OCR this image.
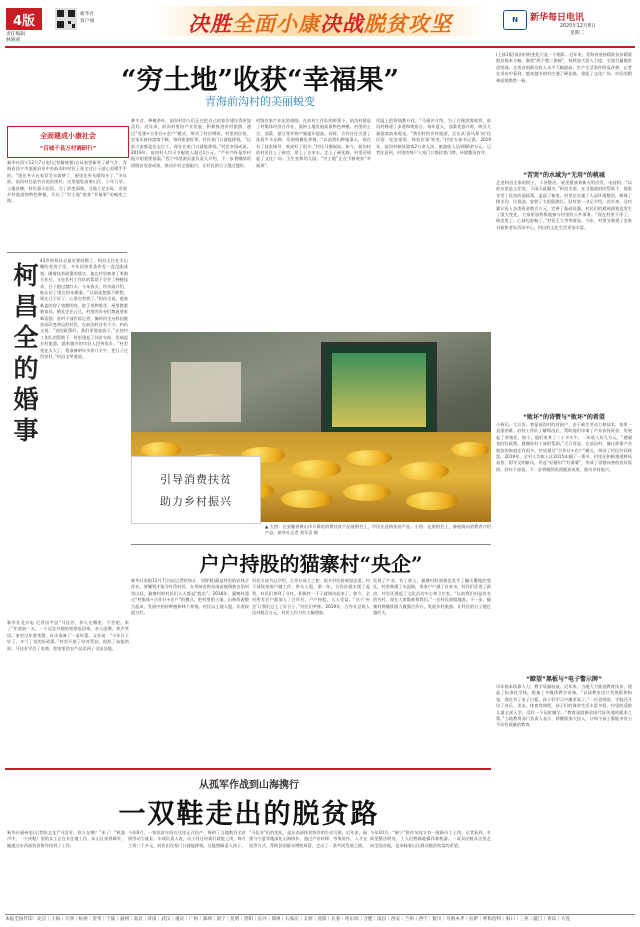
4版
责任编辑
林晓莉
新华社
客户端	决胜全面小康决战脱贫攻坚	N	新华每日电讯
2020年12月8日
星期二
“穷土地”收获“幸福果”
青海前沟村的美丽蜕变
全面建成小康社会
“百城千县万村调研行”
新华社西宁12月7日电(记者解统强)自从家里新装了暖气片，青海省西宁市湟源县申中乡前沟村村民王张全过日子就心里暖乎乎的。“现在冬天在家穿毛衣就够了，屋里比外头暖和多了。”多年前，前沟村还是有名的贫困村。这里地处高寒山区，十年九旱，土地贫瘠，村民靠天吃饭。为了改变面貌，当地立足实际，发展乡村旅游和特色种植，开启了“穷土地”收获“幸福果”的蜕变之路。
柯昌全的婚事
43岁的柯昌全最近要结婚了。柯昌全住在半山腰的老房子里，多年因家里条件差一直没能成家。随着扶贫政策的落实，他在村里参加了养殖合作社，又在驻村工作队的帮助下学会了种植技术，日子越过越红火。今年春天，经亲戚介绍，他认识了现在的未婚妻。“以前连想都不敢想，现在日子好了，心里也有底了。”柯昌全说。他家新盖的房子宽敞明亮，院子里种着花，屋里摆着新家具。婚礼定在元旦，村里的乡亲们都说要来喝喜酒。驻村干部告诉记者，像柯昌全这样因脱贫而改变命运的村民，在前沟村还有不少。柯昌全说：“党的政策好，我们更要加油干。”在驻村工作队的帮助下，村里建起了扶贫车间、发展起乡村旅游，越来越多的年轻人回到家乡。“村里变化太大了，我准备明年多养几头牛，把日子过得更好。”柯昌全笑着说。
种羊舍、种植茶叶，前沟村的人们正在把自己的家乡建设得更加美好。近年来，前沟村坚持产业发展，积极推进乡村旅游，通过“党建+合作社+农户”模式，带动了村民增收。村里的民宿、农家乐接待游客不断，每到旅游旺季，村民家门口就能挣钱。“以前大家都是出去打工，现在在家门口就能挣钱。”村民李国成说。2019年，前沟村人均可支配收入超过1万元。“产业兴旺是乡村振兴的重要基础。”西宁市湟源县委负责人介绍，下一步将继续巩固脱贫攻坚成果，推动乡村全面振兴，让村民的日子越过越好。
村级农家产业化的道路。在驻村工作队的带领下，前沟村建起了村集体经济合作社，流转土地发展高原特色种植。村里的土豆、油菜、蚕豆等作物产量逐年提高。同时，合作社还引进了优质牛羊品种，发展规模化养殖。“以前我们种地靠天，现在有了技术指导，收成好了很多。”村民马德福说。如今，前沟村的村民住上了新房，用上了自来水，走上了硬化路。村里还建起了文化广场、卫生室和幼儿园。“穷土地”正在不断收获“幸福果”。
用温上把烦恼都开花。“马建芳介绍，为了方便游客观赏，前沟村修建了步道和观景台。每年夏天，油菜花盛开时，吸引大量游客前来观光。“我们村的乡村旅游，正在从‘看风景’向‘住民宿、吃农家饭、体验农事’转变。”村党支部书记说。2019年，前沟村接待游客2万余人次，旅游收入达到80余万元。记者注意到，村里的每户人家门口都挂着门牌，环境整洁有序。
引导消费扶贫
助力乡村振兴
▲ 大图：在安徽省黄山市开幕的消费扶贫产品展销会上，市民在选购扶贫产品。小图：在展销会上，参展商向消费者介绍产品。新华社记者 刘军喜 摄
新华社北京电 记者居宇昆“马佳芳，你人在哪里，不会吧，来了”年底前一天，一个远在外地的姑娘赶回家，亲人团聚，欢声笑语。家里过年要杀猪，母亲准备了一桌好菜。父亲说：“今年日子好了，多亏了党的好政策。”村里开展了结对帮扶，组织了技能培训。马佳芳学会了电商，把家里的农产品卖到了全国各地。
(上接1版)前沟村的变化只是一个缩影。近年来，青海省坚持精准扶贫精准脱贫基本方略，聚焦“两不愁三保障”，持续加大投入力度，全面打赢脱贫攻坚战。全省贫困群众收入水平大幅提高，生产生活条件明显改善。记者在采访中看到，越来越多的村庄通了硬化路，建起了文化广场，村民的精神面貌焕然一新。
“苦哭”的水域为“无用”的桃城
走进柯昌全家的院子，干净整洁，屋里摆放着新买的沙发、电视机。“以前这里是土坯房，下雨天就漏水。”柯昌全说。在当地政府的帮助下，他家享受了危房改造政策，盖起了新房。村里还实施了人居环境整治，修建了排水沟、垃圾池，安装了太阳能路灯。驻村第一书记介绍，近年来，全村累计投入各类资金数百万元，完善了基础设施。村民们的精神面貌也发生了很大变化，大家更加积极地参与村里的公共事务。“现在村里干净了，路也宽了，心情也舒畅了。”村民王大爷笑着说。今年，村里又新建了农家书屋和老年活动中心，村民的文化生活更加丰富。
“败坏”的诗赞与“败坏”的希望
小柯们，大兵哥，曾是前沟村的贫困户，由于缺乏劳动力和技术，家里一直很困难。驻村工作队了解情况后，帮助他们申请了产业扶持资金，发展起了养殖业。如今，他们家养了二十多头牛，一年收入好几万元。“感谢党的好政策，感谢驻村干部的帮助。”大兵哥说。在前沟村，像这样靠产业脱贫的家庭还有很多。村里通过“合作社+农户”模式，带动了村民共同致富。2019年，全村人均收入比2015年翻了一番多。村里还积极推进移风易俗，倡导文明新风，评选“好媳妇”“好婆婆”，形成了崇德向善的良好氛围。驻村干部说，下一步将继续巩固脱贫成果，推动乡村振兴。
“瞭望”黑板与“电子警示牌”
早年基本依靠人力，教学质量较低。近年来，当地大力推进教育扶贫，建起了标准化学校，配备了多媒体教学设备。“以前教室里只有黑板和粉笔，现在有了电子白板，孩子们学习兴趣更高了。”一位老师说。学校还开设了音乐、美术、体育等课程，孩子们的课余生活丰富多彩。村里的适龄儿童全部入学，没有一个因贫辍学。“教育是阻断贫困代际传递的根本之策。”当地教育部门负责人表示，将继续加大投入，让每个孩子都能享有公平而有质量的教育。
户户持股的猫寨村“央企”
新华社贵阳12月7日电(记者欧甸丘、刘智强)蔺益村里的农林合作社，要赚钱才能分红给村民。在贵州省黔东南苗族侗族自治州雷山县，猫寨村的村民们人人都是“股东”。2018年，猫寨村通过“村集体+合作社+农户”的模式，把村里的土地、山林资源整合起来，发展中药材种植和林下养殖。村民以土地入股，年底按股分红。
村党支部书记介绍，合作社成立之初，很多村民持观望态度。村干部挨家挨户做工作，带头入股。第一年，合作社就实现了盈利，村民们拿到了分红，积极性一下子就调动起来了。如今，全村所有农户都加入了合作社，户户持股，人人受益。“这个‘央企’让我们过上了好日子。”村民们笑称。2019年，合作社总收入达到数百万元，村民人均分红大幅增加。
发展了产业，有了收入，猫寨村的面貌也发生了翻天覆地的变化。村里修通了水泥路，家家户户通了自来水，村民们住进了新房。村里还建起了文化活动中心和卫生室。“以前我们村是有名的穷村，现在大家都羡慕我们。”一位村民骄傲地说。下一步，猫寨村将继续做大做强合作社，发展乡村旅游，让村民的日子越过越红火。
从孤军作战到山海携行
一双鞋走出的脱贫路
新华社福州电(记者陈文龙)“马佳芳，你人在哪？”来了！“机器声中，一个皮鞋厂里的女工正在专注地工作。从山区来到城市，她通过东西部扶贫协作找到了工作。
今年6月，一家扶贫车间在这里正式投产，吸纳了当地数百名贫困劳动力就业。车间负责人说，员工经过培训后就能上岗，每月工资三千多元。村民们在家门口就能挣钱，还能照顾老人孩子。
“马佳芳”们的变化，是东西部扶贫协作的生动写照。近年来，福建与宁夏等地深化山海协作，通过产业转移、劳务协作、人才交流等方式，帮助贫困群众增收致富，走出了一条共同发展之路。
今年10月，“闽宁”协作车间又有一批新员工上岗。记者看到，车间里整洁明亮，工人们熟练地操作着机器。一双双皮鞋从这里走向全国各地，也承载着山区群众脱贫致富的希望。
本报全国代印：北京｜上海｜天津｜杭州｜金华｜宁波｜福州｜南京｜济南｜武汉｜重庆｜广州｜深圳｜南宁｜昆明｜贵阳｜长沙｜郑州｜石家庄｜太原｜沈阳｜长春｜哈尔滨｜合肥｜南昌｜西安｜兰州｜西宁｜银川｜乌鲁木齐｜拉萨｜呼和浩特｜海口｜三亚｜厦门｜青岛｜大连
